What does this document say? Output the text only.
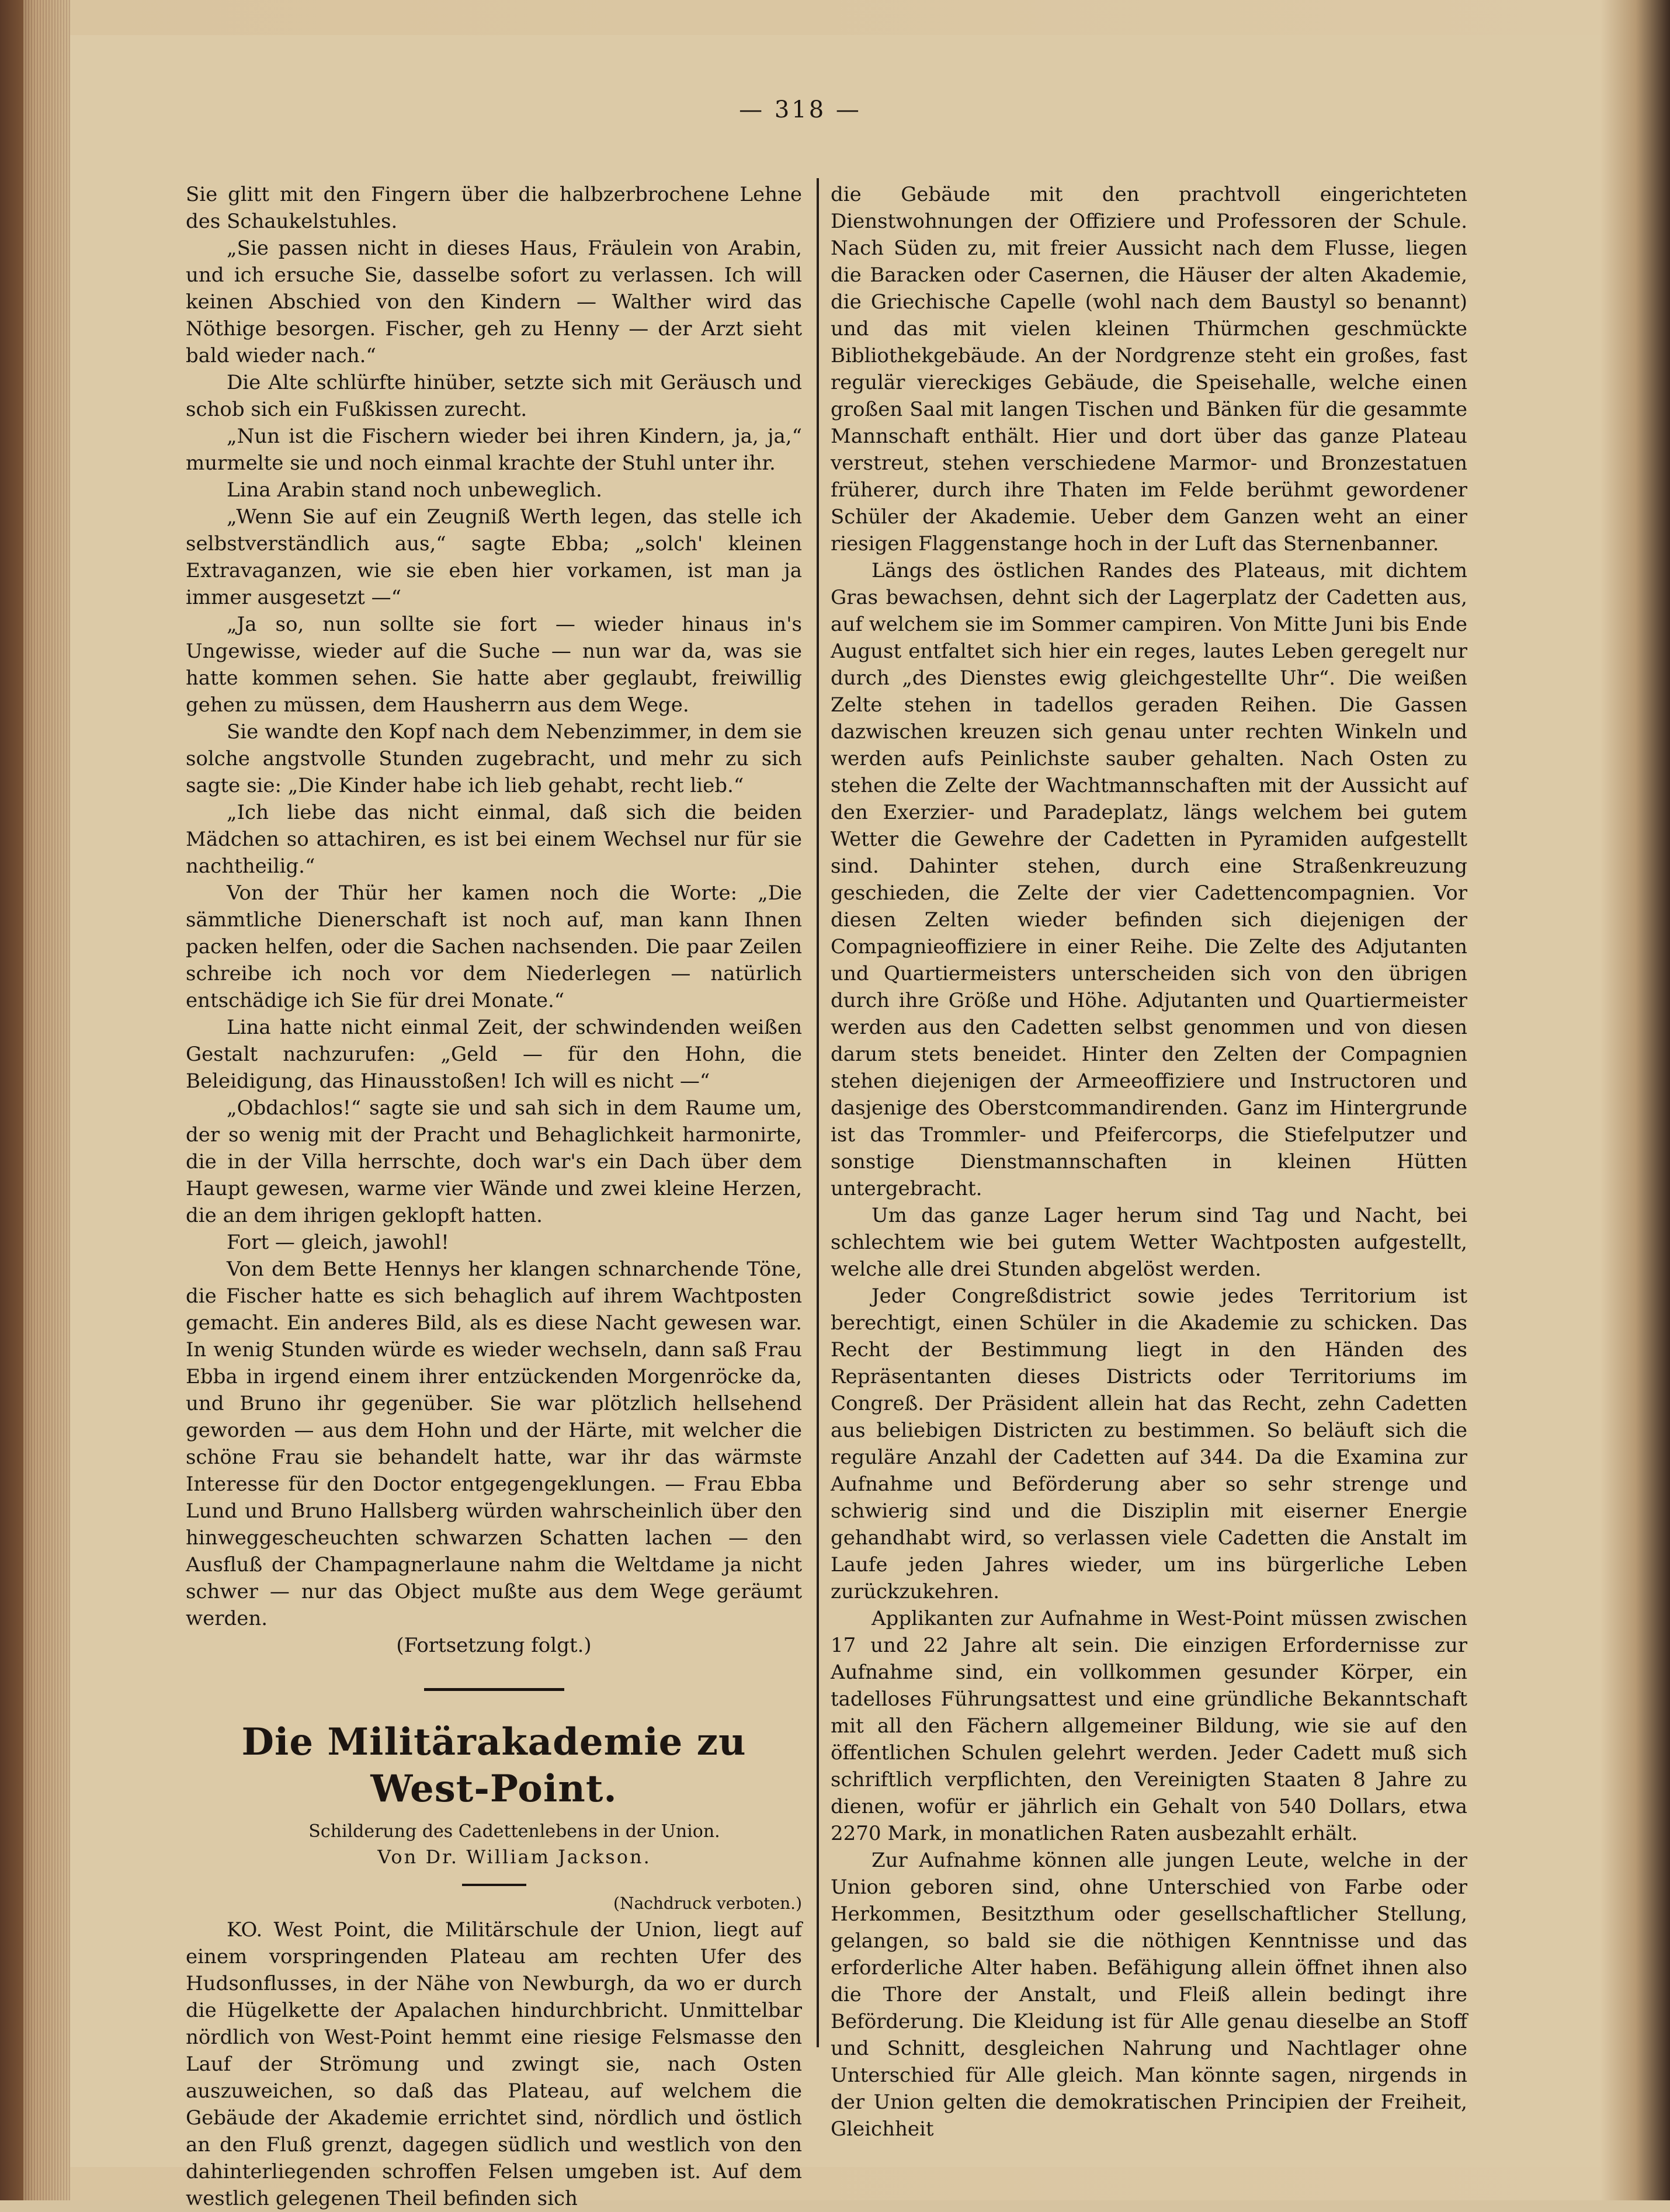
— 318 —

Sie glitt mit den Fingern über die halbzerbrochene Lehne des Schaukelstuhles.

„Sie passen nicht in dieses Haus, Fräulein von Arabin, und ich ersuche Sie, dasselbe sofort zu verlassen. Ich will keinen Abschied von den Kindern — Walther wird das Nöthige besorgen. Fischer, geh zu Henny — der Arzt sieht bald wieder nach.“

Die Alte schlürfte hinüber, setzte sich mit Geräusch und schob sich ein Fußkissen zurecht.

„Nun ist die Fischern wieder bei ihren Kindern, ja, ja,“ murmelte sie und noch einmal krachte der Stuhl unter ihr.

Lina Arabin stand noch unbeweglich.

„Wenn Sie auf ein Zeugniß Werth legen, das stelle ich selbstverständlich aus,“ sagte Ebba; „solch' kleinen Extravaganzen, wie sie eben hier vorkamen, ist man ja immer ausgesetzt —“

„Ja so, nun sollte sie fort — wieder hinaus in's Ungewisse, wieder auf die Suche — nun war da, was sie hatte kommen sehen. Sie hatte aber geglaubt, freiwillig gehen zu müssen, dem Hausherrn aus dem Wege.

Sie wandte den Kopf nach dem Nebenzimmer, in dem sie solche angstvolle Stunden zugebracht, und mehr zu sich sagte sie: „Die Kinder habe ich lieb gehabt, recht lieb.“

„Ich liebe das nicht einmal, daß sich die beiden Mädchen so attachiren, es ist bei einem Wechsel nur für sie nachtheilig.“

Von der Thür her kamen noch die Worte: „Die sämmtliche Dienerschaft ist noch auf, man kann Ihnen packen helfen, oder die Sachen nachsenden. Die paar Zeilen schreibe ich noch vor dem Niederlegen — natürlich entschädige ich Sie für drei Monate.“

Lina hatte nicht einmal Zeit, der schwindenden weißen Gestalt nachzurufen: „Geld — für den Hohn, die Beleidigung, das Hinausstoßen! Ich will es nicht —“

„Obdachlos!“ sagte sie und sah sich in dem Raume um, der so wenig mit der Pracht und Behaglichkeit harmonirte, die in der Villa herrschte, doch war's ein Dach über dem Haupt gewesen, warme vier Wände und zwei kleine Herzen, die an dem ihrigen geklopft hatten.

Fort — gleich, jawohl!

Von dem Bette Hennys her klangen schnarchende Töne, die Fischer hatte es sich behaglich auf ihrem Wachtposten gemacht. Ein anderes Bild, als es diese Nacht gewesen war. In wenig Stunden würde es wieder wechseln, dann saß Frau Ebba in irgend einem ihrer entzückenden Morgenröcke da, und Bruno ihr gegenüber. Sie war plötzlich hellsehend geworden — aus dem Hohn und der Härte, mit welcher die schöne Frau sie behandelt hatte, war ihr das wärmste Interesse für den Doctor entgegengeklungen. — Frau Ebba Lund und Bruno Hallsberg würden wahrscheinlich über den hinweggescheuchten schwarzen Schatten lachen — den Ausfluß der Champagnerlaune nahm die Weltdame ja nicht schwer — nur das Object mußte aus dem Wege geräumt werden.

(Fortsetzung folgt.)

Die Militärakademie zu West-Point.

Schilderung des Cadettenlebens in der Union.

Von Dr. William Jackson.

(Nachdruck verboten.)

KO. West Point, die Militärschule der Union, liegt auf einem vorspringenden Plateau am rechten Ufer des Hudsonflusses, in der Nähe von Newburgh, da wo er durch die Hügelkette der Apalachen hindurchbricht. Unmittelbar nördlich von West-Point hemmt eine riesige Felsmasse den Lauf der Strömung und zwingt sie, nach Osten auszuweichen, so daß das Plateau, auf welchem die Gebäude der Akademie errichtet sind, nördlich und östlich an den Fluß grenzt, dagegen südlich und westlich von den dahinterliegenden schroffen Felsen umgeben ist. Auf dem westlich gelegenen Theil befinden sich

die Gebäude mit den prachtvoll eingerichteten Dienstwohnungen der Offiziere und Professoren der Schule. Nach Süden zu, mit freier Aussicht nach dem Flusse, liegen die Baracken oder Casernen, die Häuser der alten Akademie, die Griechische Capelle (wohl nach dem Baustyl so benannt) und das mit vielen kleinen Thürmchen geschmückte Bibliothekgebäude. An der Nordgrenze steht ein großes, fast regulär viereckiges Gebäude, die Speisehalle, welche einen großen Saal mit langen Tischen und Bänken für die gesammte Mannschaft enthält. Hier und dort über das ganze Plateau verstreut, stehen verschiedene Marmor- und Bronzestatuen früherer, durch ihre Thaten im Felde berühmt gewordener Schüler der Akademie. Ueber dem Ganzen weht an einer riesigen Flaggenstange hoch in der Luft das Sternenbanner.

Längs des östlichen Randes des Plateaus, mit dichtem Gras bewachsen, dehnt sich der Lagerplatz der Cadetten aus, auf welchem sie im Sommer campiren. Von Mitte Juni bis Ende August entfaltet sich hier ein reges, lautes Leben geregelt nur durch „des Dienstes ewig gleichgestellte Uhr“. Die weißen Zelte stehen in tadellos geraden Reihen. Die Gassen dazwischen kreuzen sich genau unter rechten Winkeln und werden aufs Peinlichste sauber gehalten. Nach Osten zu stehen die Zelte der Wachtmannschaften mit der Aussicht auf den Exerzier- und Paradeplatz, längs welchem bei gutem Wetter die Gewehre der Cadetten in Pyramiden aufgestellt sind. Dahinter stehen, durch eine Straßenkreuzung geschieden, die Zelte der vier Cadettencompagnien. Vor diesen Zelten wieder befinden sich diejenigen der Compagnieoffiziere in einer Reihe. Die Zelte des Adjutanten und Quartiermeisters unterscheiden sich von den übrigen durch ihre Größe und Höhe. Adjutanten und Quartiermeister werden aus den Cadetten selbst genommen und von diesen darum stets beneidet. Hinter den Zelten der Compagnien stehen diejenigen der Armeeoffiziere und Instructoren und dasjenige des Oberstcommandirenden. Ganz im Hintergrunde ist das Trommler- und Pfeifercorps, die Stiefelputzer und sonstige Dienstmannschaften in kleinen Hütten untergebracht.

Um das ganze Lager herum sind Tag und Nacht, bei schlechtem wie bei gutem Wetter Wachtposten aufgestellt, welche alle drei Stunden abgelöst werden.

Jeder Congreßdistrict sowie jedes Territorium ist berechtigt, einen Schüler in die Akademie zu schicken. Das Recht der Bestimmung liegt in den Händen des Repräsentanten dieses Districts oder Territoriums im Congreß. Der Präsident allein hat das Recht, zehn Cadetten aus beliebigen Districten zu bestimmen. So beläuft sich die reguläre Anzahl der Cadetten auf 344. Da die Examina zur Aufnahme und Beförderung aber so sehr strenge und schwierig sind und die Disziplin mit eiserner Energie gehandhabt wird, so verlassen viele Cadetten die Anstalt im Laufe jeden Jahres wieder, um ins bürgerliche Leben zurückzukehren.

Applikanten zur Aufnahme in West-Point müssen zwischen 17 und 22 Jahre alt sein. Die einzigen Erfordernisse zur Aufnahme sind, ein vollkommen gesunder Körper, ein tadelloses Führungsattest und eine gründliche Bekanntschaft mit all den Fächern allgemeiner Bildung, wie sie auf den öffentlichen Schulen gelehrt werden. Jeder Cadett muß sich schriftlich verpflichten, den Vereinigten Staaten 8 Jahre zu dienen, wofür er jährlich ein Gehalt von 540 Dollars, etwa 2270 Mark, in monatlichen Raten ausbezahlt erhält.

Zur Aufnahme können alle jungen Leute, welche in der Union geboren sind, ohne Unterschied von Farbe oder Herkommen, Besitzthum oder gesellschaftlicher Stellung, gelangen, so bald sie die nöthigen Kenntnisse und das erforderliche Alter haben. Befähigung allein öffnet ihnen also die Thore der Anstalt, und Fleiß allein bedingt ihre Beförderung. Die Kleidung ist für Alle genau dieselbe an Stoff und Schnitt, desgleichen Nahrung und Nachtlager ohne Unterschied für Alle gleich. Man könnte sagen, nirgends in der Union gelten die demokratischen Principien der Freiheit, Gleichheit
